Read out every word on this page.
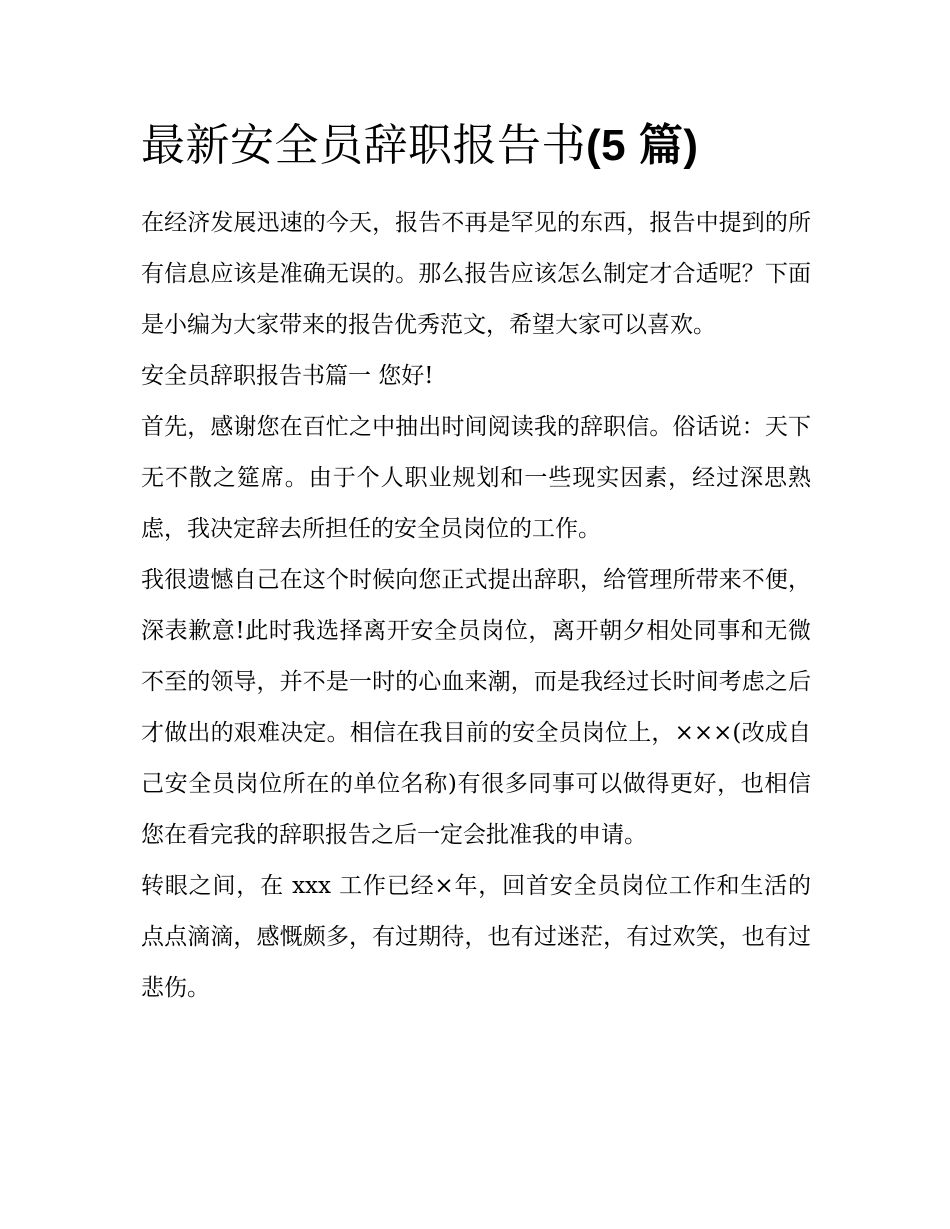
最新安全员辞职报告书(5 篇)

在经济发展迅速的今天，报告不再是罕见的东西，报告中提到的所有信息应该是准确无误的。那么报告应该怎么制定才合适呢？下面是小编为大家带来的报告优秀范文，希望大家可以喜欢。

安全员辞职报告书篇一 您好!

首先，感谢您在百忙之中抽出时间阅读我的辞职信。俗话说：天下无不散之筵席。由于个人职业规划和一些现实因素，经过深思熟虑，我决定辞去所担任的安全员岗位的工作。

我很遗憾自己在这个时候向您正式提出辞职，给管理所带来不便，深表歉意!此时我选择离开安全员岗位，离开朝夕相处同事和无微不至的领导，并不是一时的心血来潮，而是我经过长时间考虑之后才做出的艰难决定。相信在我目前的安全员岗位上，×××(改成自己安全员岗位所在的单位名称)有很多同事可以做得更好，也相信您在看完我的辞职报告之后一定会批准我的申请。

转眼之间，在 xxx 工作已经×年，回首安全员岗位工作和生活的点点滴滴，感慨颇多，有过期待，也有过迷茫，有过欢笑，也有过悲伤。
